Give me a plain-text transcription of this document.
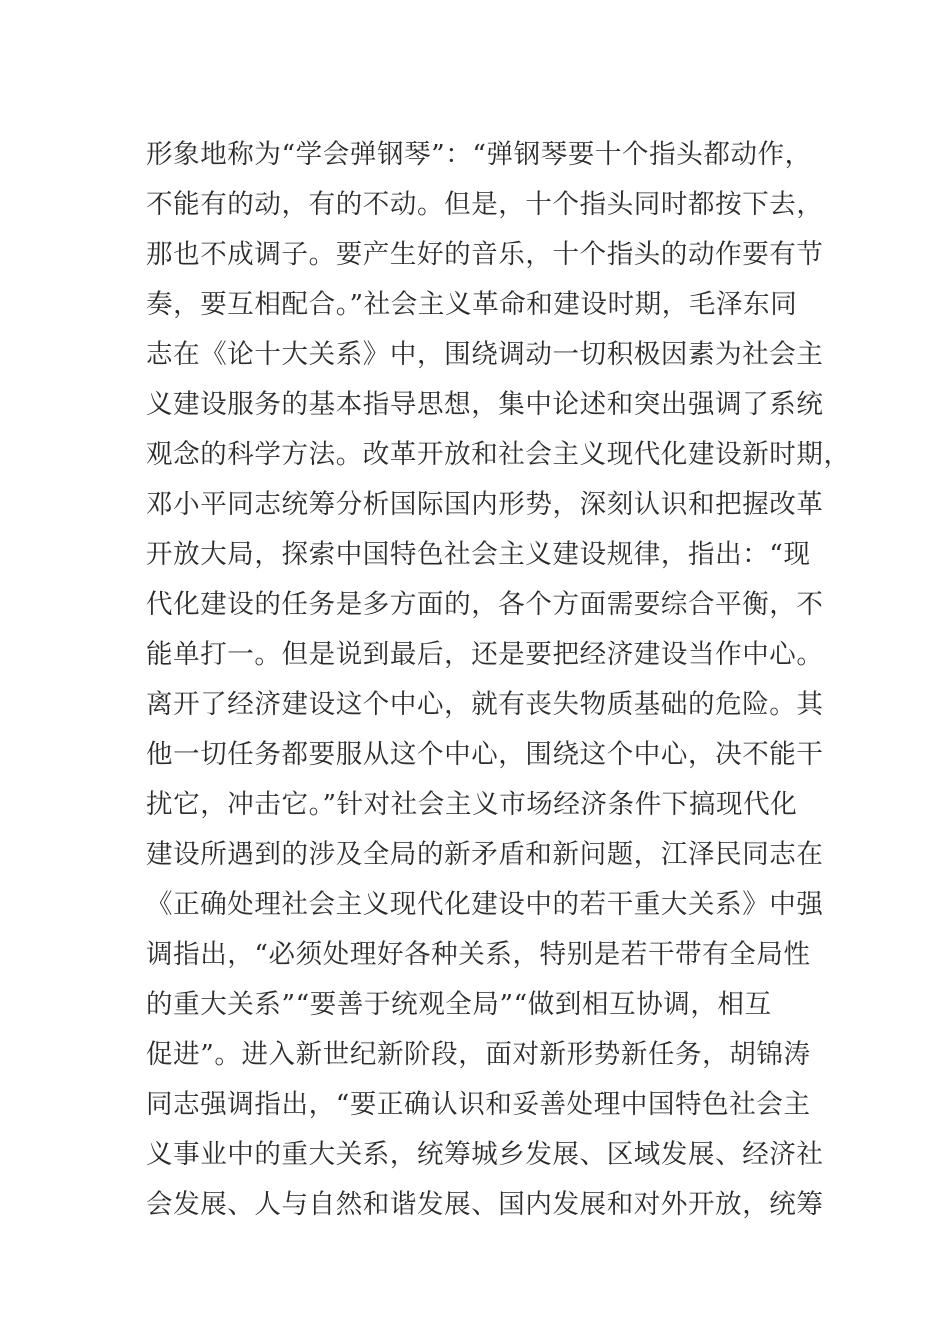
形象地称为“学会弹钢琴”：“弹钢琴要十个指头都动作，
不能有的动，有的不动。但是，十个指头同时都按下去，
那也不成调子。要产生好的音乐，十个指头的动作要有节
奏，要互相配合。”社会主义革命和建设时期，毛泽东同
志在《论十大关系》中，围绕调动一切积极因素为社会主
义建设服务的基本指导思想，集中论述和突出强调了系统
观念的科学方法。改革开放和社会主义现代化建设新时期，
邓小平同志统筹分析国际国内形势，深刻认识和把握改革
开放大局，探索中国特色社会主义建设规律，指出：“现
代化建设的任务是多方面的，各个方面需要综合平衡，不
能单打一。但是说到最后，还是要把经济建设当作中心。
离开了经济建设这个中心，就有丧失物质基础的危险。其
他一切任务都要服从这个中心，围绕这个中心，决不能干
扰它，冲击它。”针对社会主义市场经济条件下搞现代化
建设所遇到的涉及全局的新矛盾和新问题，江泽民同志在
《正确处理社会主义现代化建设中的若干重大关系》中强
调指出，“必须处理好各种关系，特别是若干带有全局性
的重大关系”“要善于统观全局”“做到相互协调，相互
促进”。进入新世纪新阶段，面对新形势新任务，胡锦涛
同志强调指出，“要正确认识和妥善处理中国特色社会主
义事业中的重大关系，统筹城乡发展、区域发展、经济社
会发展、人与自然和谐发展、国内发展和对外开放，统筹
